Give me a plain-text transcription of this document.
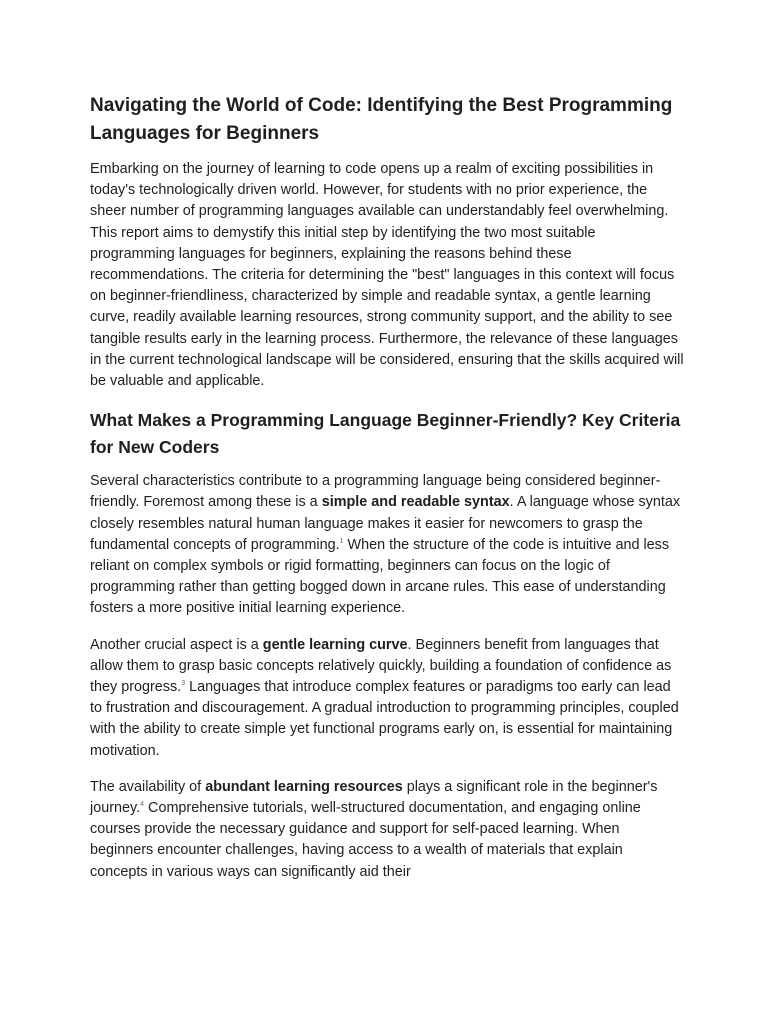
Navigating the World of Code: Identifying the Best Programming Languages for Beginners

Embarking on the journey of learning to code opens up a realm of exciting possibilities in today's technologically driven world. However, for students with no prior experience, the sheer number of programming languages available can understandably feel overwhelming. This report aims to demystify this initial step by identifying the two most suitable programming languages for beginners, explaining the reasons behind these recommendations. The criteria for determining the "best" languages in this context will focus on beginner-friendliness, characterized by simple and readable syntax, a gentle learning curve, readily available learning resources, strong community support, and the ability to see tangible results early in the learning process. Furthermore, the relevance of these languages in the current technological landscape will be considered, ensuring that the skills acquired will be valuable and applicable.

What Makes a Programming Language Beginner-Friendly? Key Criteria for New Coders

Several characteristics contribute to a programming language being considered beginner-friendly. Foremost among these is a simple and readable syntax. A language whose syntax closely resembles natural human language makes it easier for newcomers to grasp the fundamental concepts of programming.$^1$ When the structure of the code is intuitive and less reliant on complex symbols or rigid formatting, beginners can focus on the logic of programming rather than getting bogged down in arcane rules. This ease of understanding fosters a more positive initial learning experience.

Another crucial aspect is a gentle learning curve. Beginners benefit from languages that allow them to grasp basic concepts relatively quickly, building a foundation of confidence as they progress.$^3$ Languages that introduce complex features or paradigms too early can lead to frustration and discouragement. A gradual introduction to programming principles, coupled with the ability to create simple yet functional programs early on, is essential for maintaining motivation.

The availability of abundant learning resources plays a significant role in the beginner's journey.$^4$ Comprehensive tutorials, well-structured documentation, and engaging online courses provide the necessary guidance and support for self-paced learning. When beginners encounter challenges, having access to a wealth of materials that explain concepts in various ways can significantly aid their
